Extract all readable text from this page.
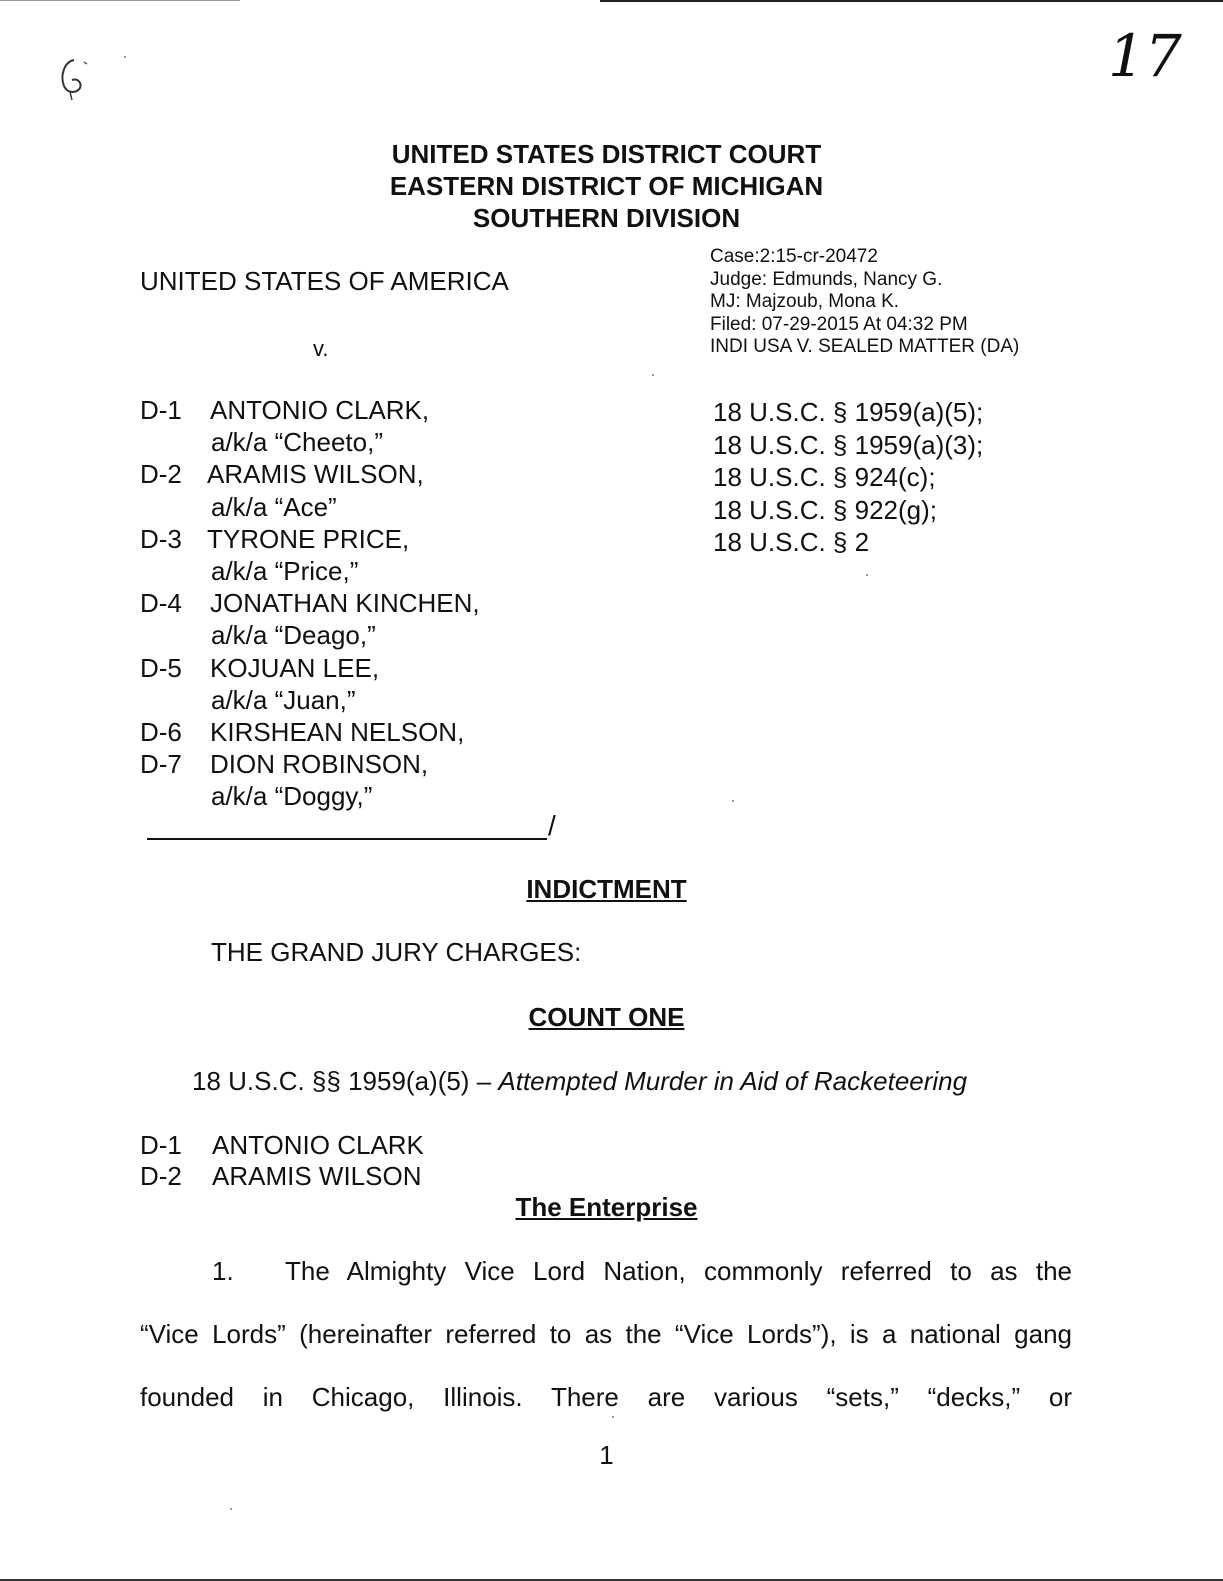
17
UNITED STATES DISTRICT COURT
EASTERN DISTRICT OF MICHIGAN
SOUTHERN DIVISION
Case:2:15-cr-20472
Judge: Edmunds, Nancy G.
MJ: Majzoub, Mona K.
Filed: 07-29-2015 At 04:32 PM
INDI USA V. SEALED MATTER (DA)
UNITED STATES OF AMERICA
v.
D-1 ANTONIO CLARK,
a/k/a “Cheeto,”
D-2 ARAMIS WILSON,
a/k/a “Ace”
D-3 TYRONE PRICE,
a/k/a “Price,”
D-4 JONATHAN KINCHEN,
a/k/a “Deago,”
D-5 KOJUAN LEE,
a/k/a “Juan,”
D-6 KIRSHEAN NELSON,
D-7 DION ROBINSON,
a/k/a “Doggy,”
18 U.S.C. § 1959(a)(5);
18 U.S.C. § 1959(a)(3);
18 U.S.C. § 924(c);
18 U.S.C. § 922(g);
18 U.S.C. § 2
/
INDICTMENT
THE GRAND JURY CHARGES:
COUNT ONE
18 U.S.C. §§ 1959(a)(5) – Attempted Murder in Aid of Racketeering
D-1 ANTONIO CLARK
D-2 ARAMIS WILSON
The Enterprise
1. The Almighty Vice Lord Nation, commonly referred to as the
“Vice Lords” (hereinafter referred to as the “Vice Lords”), is a national gang
founded in Chicago, Illinois. There are various “sets,” “decks,” or
1
